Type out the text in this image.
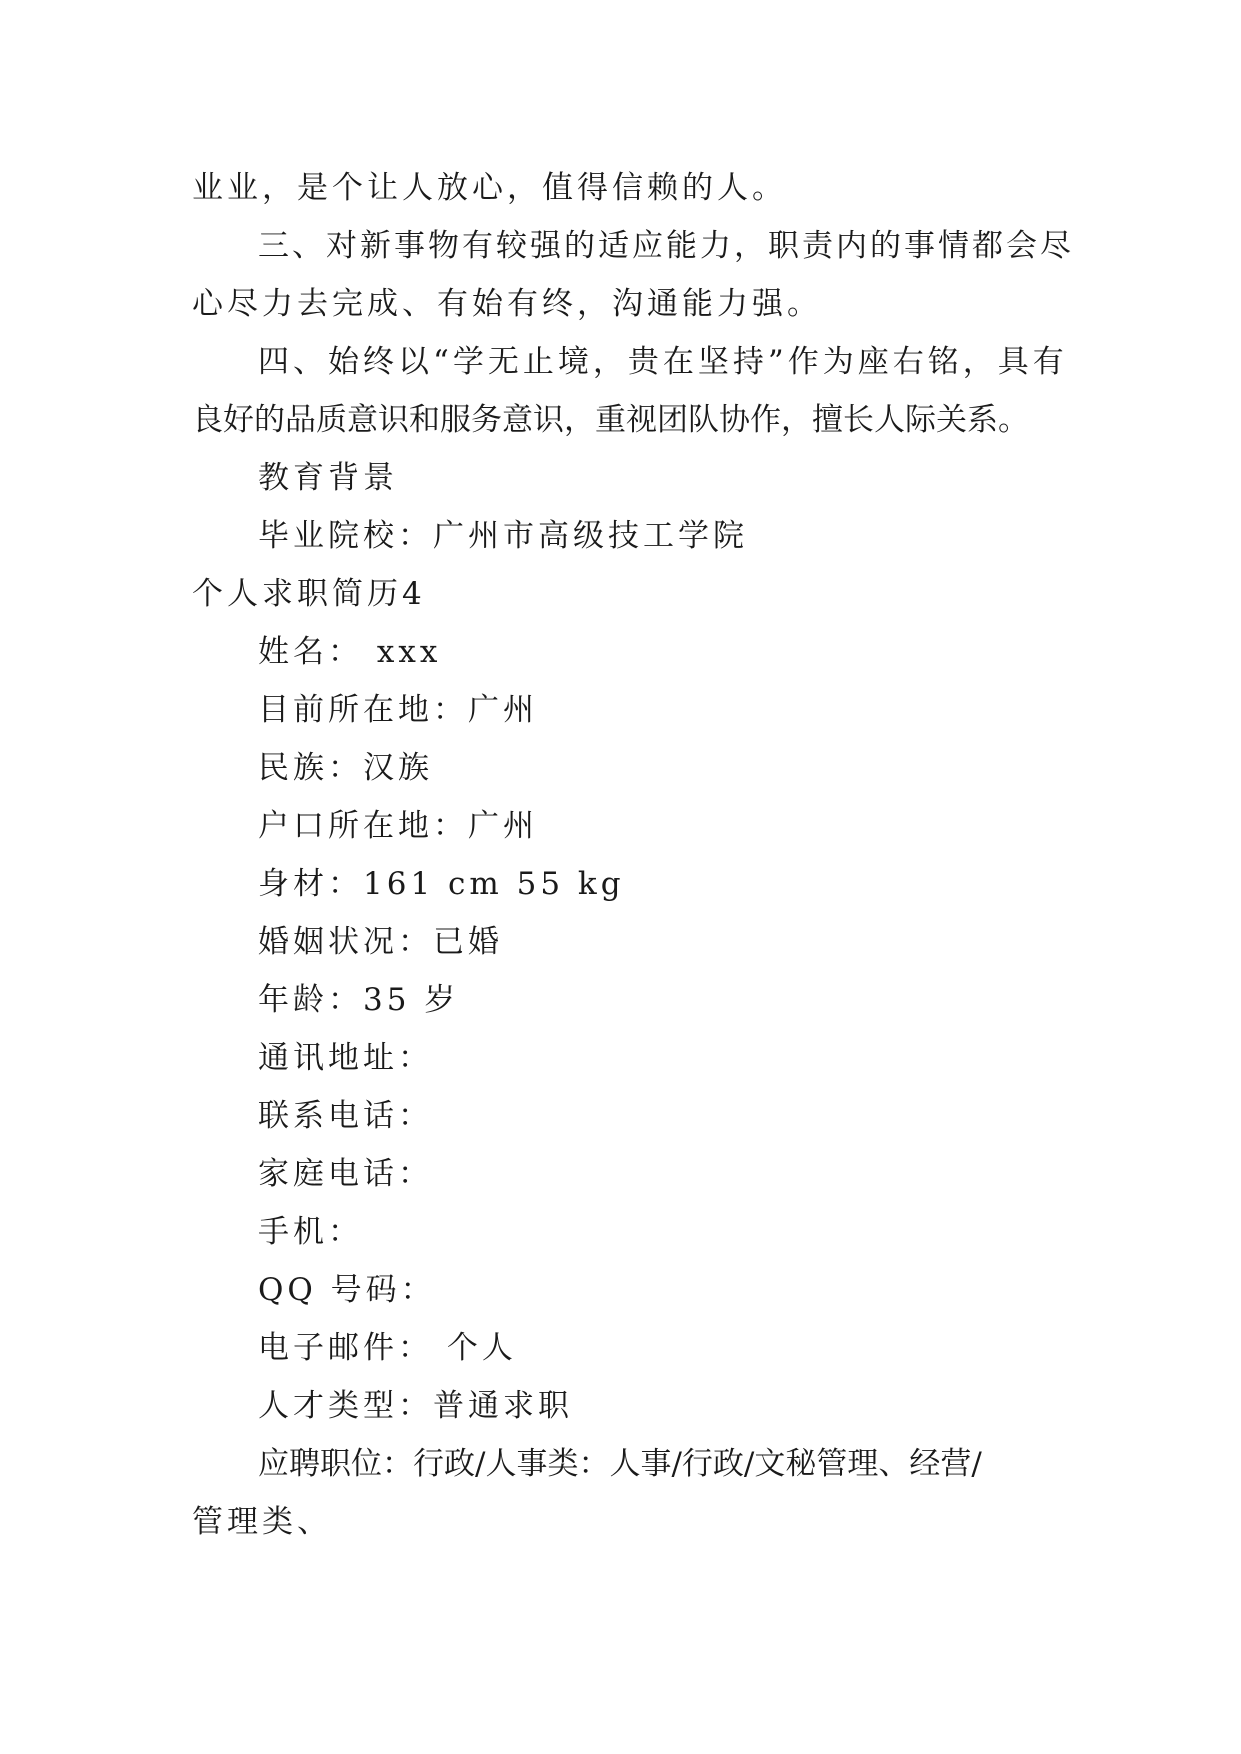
业业，是个让人放心，值得信赖的人。
三、对新事物有较强的适应能力，职责内的事情都会尽
心尽力去完成、有始有终，沟通能力强。
四、始终以“学无止境，贵在坚持”作为座右铭，具有
良好的品质意识和服务意识，重视团队协作，擅长人际关系。
教育背景
毕业院校：广州市高级技工学院
个人求职简历4
姓名： xxx
目前所在地：广州
民族：汉族
户口所在地：广州
身材：161 cm 55 kg
婚姻状况：已婚
年龄：35 岁
通讯地址：
联系电话：
家庭电话：
手机：
QQ 号码：
电子邮件： 个人
人才类型：普通求职
应聘职位：行政/人事类：人事/行政/文秘管理、经营/
管理类、
